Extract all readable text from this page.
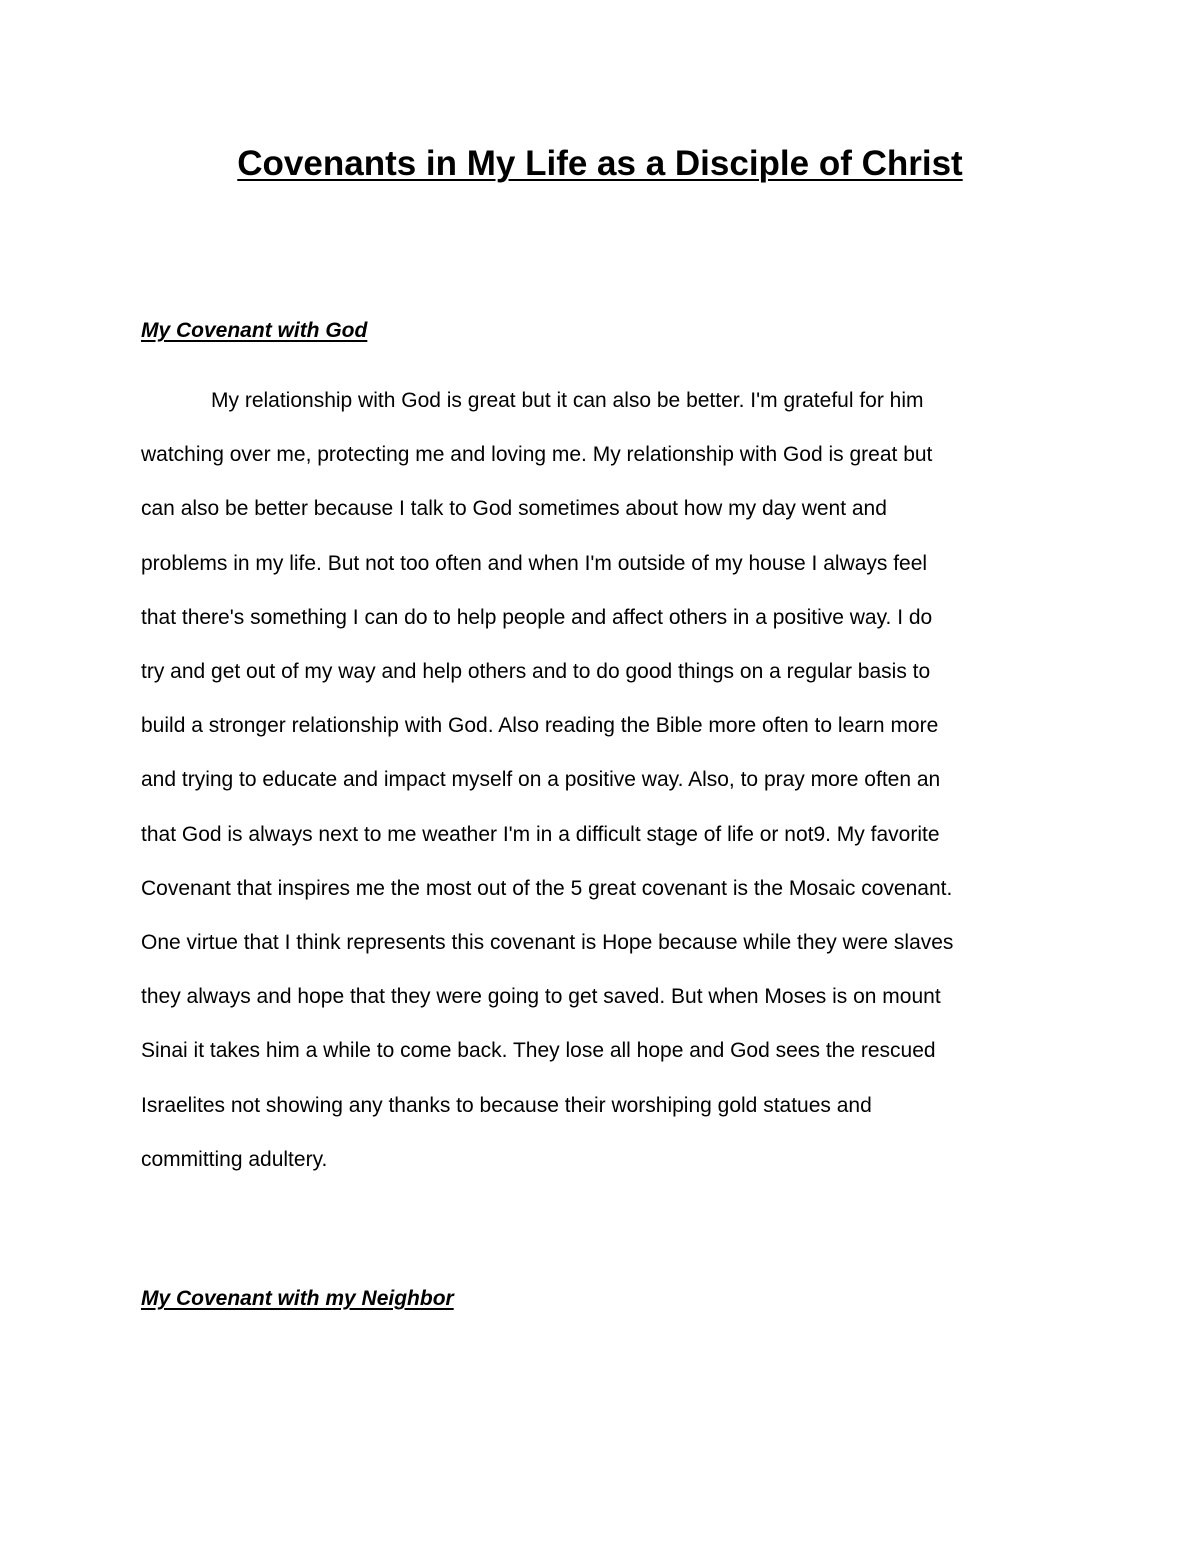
Covenants in My Life as a Disciple of Christ
My Covenant with God
My relationship with God is great but it can also be better. I'm grateful for him
watching over me, protecting me and loving me. My relationship with God is great but
can also be better because I talk to God sometimes about how my day went and
problems in my life. But not too often and when I'm outside of my house I always feel
that there's something I can do to help people and affect others in a positive way. I do
try and get out of my way and help others and to do good things on a regular basis to
build a stronger relationship with God. Also reading the Bible more often to learn more
and trying to educate and impact myself on a positive way. Also, to pray more often an
that God is always next to me weather I'm in a difficult stage of life or not9. My favorite
Covenant that inspires me the most out of the 5 great covenant is the Mosaic covenant.
One virtue that I think represents this covenant is Hope because while they were slaves
they always and hope that they were going to get saved. But when Moses is on mount
Sinai it takes him a while to come back. They lose all hope and God sees the rescued
Israelites not showing any thanks to because their worshiping gold statues and
committing adultery.
My Covenant with my Neighbor
